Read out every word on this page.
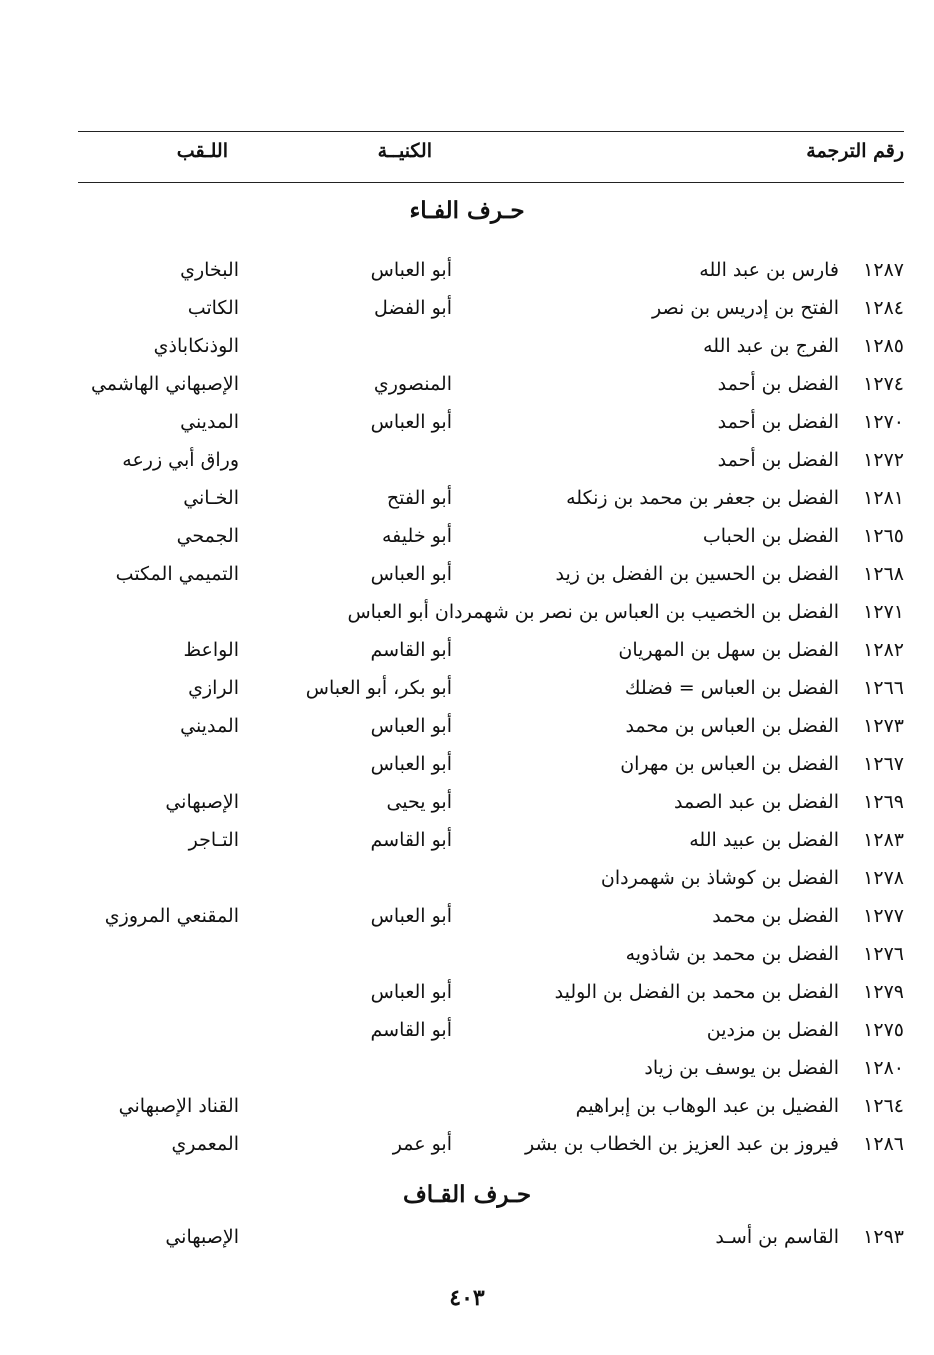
رقم الترجمة
الكنيــة
اللـقب
حـرف الفـاء
١٢٨٧
فارس بن عبد الله
أبو العباس
البخاري
١٢٨٤
الفتح بن إدريس بن نصر
أبو الفضل
الكاتب
١٢٨٥
الفرج بن عبد الله
الوذنكاباذي
١٢٧٤
الفضل بن أحمد
المنصوري
الإصبهاني الهاشمي
١٢٧٠
الفضل بن أحمد
أبو العباس
المديني
١٢٧٢
الفضل بن أحمد
وراق أبي زرعه
١٢٨١
الفضل بن جعفر بن محمد بن زنكله
أبو الفتح
الخـاني
١٢٦٥
الفضل بن الحباب
أبو خليفه
الجمحي
١٢٦٨
الفضل بن الحسين بن الفضل بن زيد
أبو العباس
التميمي المكتب
١٢٧١
الفضل بن الخصيب بن العباس بن نصر بن شهمردان أبو العباس
١٢٨٢
الفضل بن سهل بن المهريان
أبو القاسم
الواعظ
١٢٦٦
الفضل بن العباس = فضلك
أبو بكر، أبو العباس
الرازي
١٢٧٣
الفضل بن العباس بن محمد
أبو العباس
المديني
١٢٦٧
الفضل بن العباس بن مهران
أبو العباس
١٢٦٩
الفضل بن عبد الصمد
أبو يحيى
الإصبهاني
١٢٨٣
الفضل بن عبيد الله
أبو القاسم
التـاجر
١٢٧٨
الفضل بن كوشاذ بن شهمردان
١٢٧٧
الفضل بن محمد
أبو العباس
المقنعي المروزي
١٢٧٦
الفضل بن محمد بن شاذويه
١٢٧٩
الفضل بن محمد بن الفضل بن الوليد
أبو العباس
١٢٧٥
الفضل بن مزدين
أبو القاسم
١٢٨٠
الفضل بن يوسف بن زياد
١٢٦٤
الفضيل بن عبد الوهاب بن إبراهيم
القناد الإصبهاني
١٢٨٦
فيروز بن عبد العزيز بن الخطاب بن بشر
أبو عمر
المعمري
حـرف القـاف
١٢٩٣
القاسم بن أسـد
الإصبهاني
٤٠٣
